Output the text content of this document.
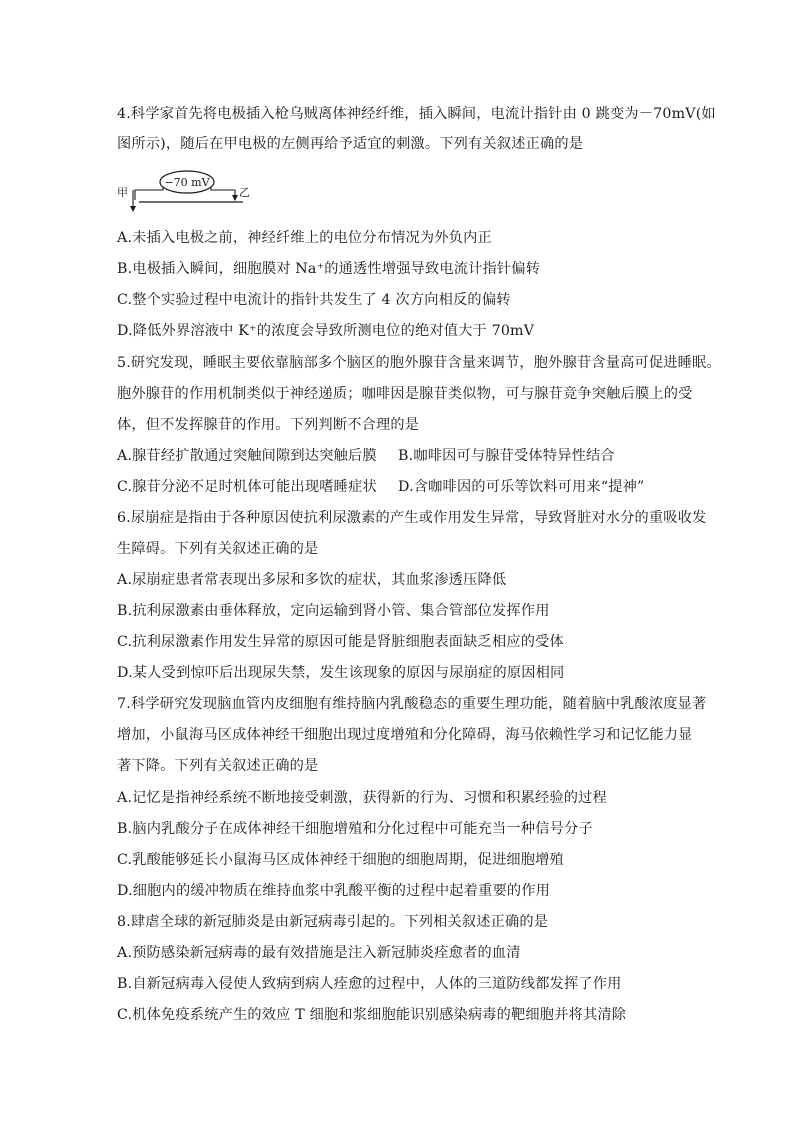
4.科学家首先将电极插入枪乌贼离体神经纤维，插入瞬间，电流计指针由 0 跳变为－70mV(如
图所示)，随后在甲电极的左侧再给予适宜的刺激。下列有关叙述正确的是
−70 mV
甲	乙
A.未插入电极之前，神经纤维上的电位分布情况为外负内正
B.电极插入瞬间，细胞膜对 Na⁺的通透性增强导致电流计指针偏转
C.整个实验过程中电流计的指针共发生了 4 次方向相反的偏转
D.降低外界溶液中 K⁺的浓度会导致所测电位的绝对值大于 70mV
5.研究发现，睡眠主要依靠脑部多个脑区的胞外腺苷含量来调节，胞外腺苷含量高可促进睡眠。
胞外腺苷的作用机制类似于神经递质；咖啡因是腺苷类似物，可与腺苷竞争突触后膜上的受
体，但不发挥腺苷的作用。下列判断不合理的是
A.腺苷经扩散通过突触间隙到达突触后膜 B.咖啡因可与腺苷受体特异性结合
C.腺苷分泌不足时机体可能出现嗜睡症状 D.含咖啡因的可乐等饮料可用来“提神”
6.尿崩症是指由于各种原因使抗利尿激素的产生或作用发生异常，导致肾脏对水分的重吸收发
生障碍。下列有关叙述正确的是
A.尿崩症患者常表现出多尿和多饮的症状，其血浆渗透压降低
B.抗利尿激素由垂体释放，定向运输到肾小管、集合管部位发挥作用
C.抗利尿激素作用发生异常的原因可能是肾脏细胞表面缺乏相应的受体
D.某人受到惊吓后出现尿失禁，发生该现象的原因与尿崩症的原因相同
7.科学研究发现脑血管内皮细胞有维持脑内乳酸稳态的重要生理功能，随着脑中乳酸浓度显著
增加，小鼠海马区成体神经干细胞出现过度增殖和分化障碍，海马依赖性学习和记忆能力显
著下降。下列有关叙述正确的是
A.记忆是指神经系统不断地接受刺激，获得新的行为、习惯和积累经验的过程
B.脑内乳酸分子在成体神经干细胞增殖和分化过程中可能充当一种信号分子
C.乳酸能够延长小鼠海马区成体神经干细胞的细胞周期，促进细胞增殖
D.细胞内的缓冲物质在维持血浆中乳酸平衡的过程中起着重要的作用
8.肆虐全球的新冠肺炎是由新冠病毒引起的。下列相关叙述正确的是
A.预防感染新冠病毒的最有效措施是注入新冠肺炎痊愈者的血清
B.自新冠病毒入侵使人致病到病人痊愈的过程中，人体的三道防线都发挥了作用
C.机体免疫系统产生的效应 T 细胞和浆细胞能识别感染病毒的靶细胞并将其清除
